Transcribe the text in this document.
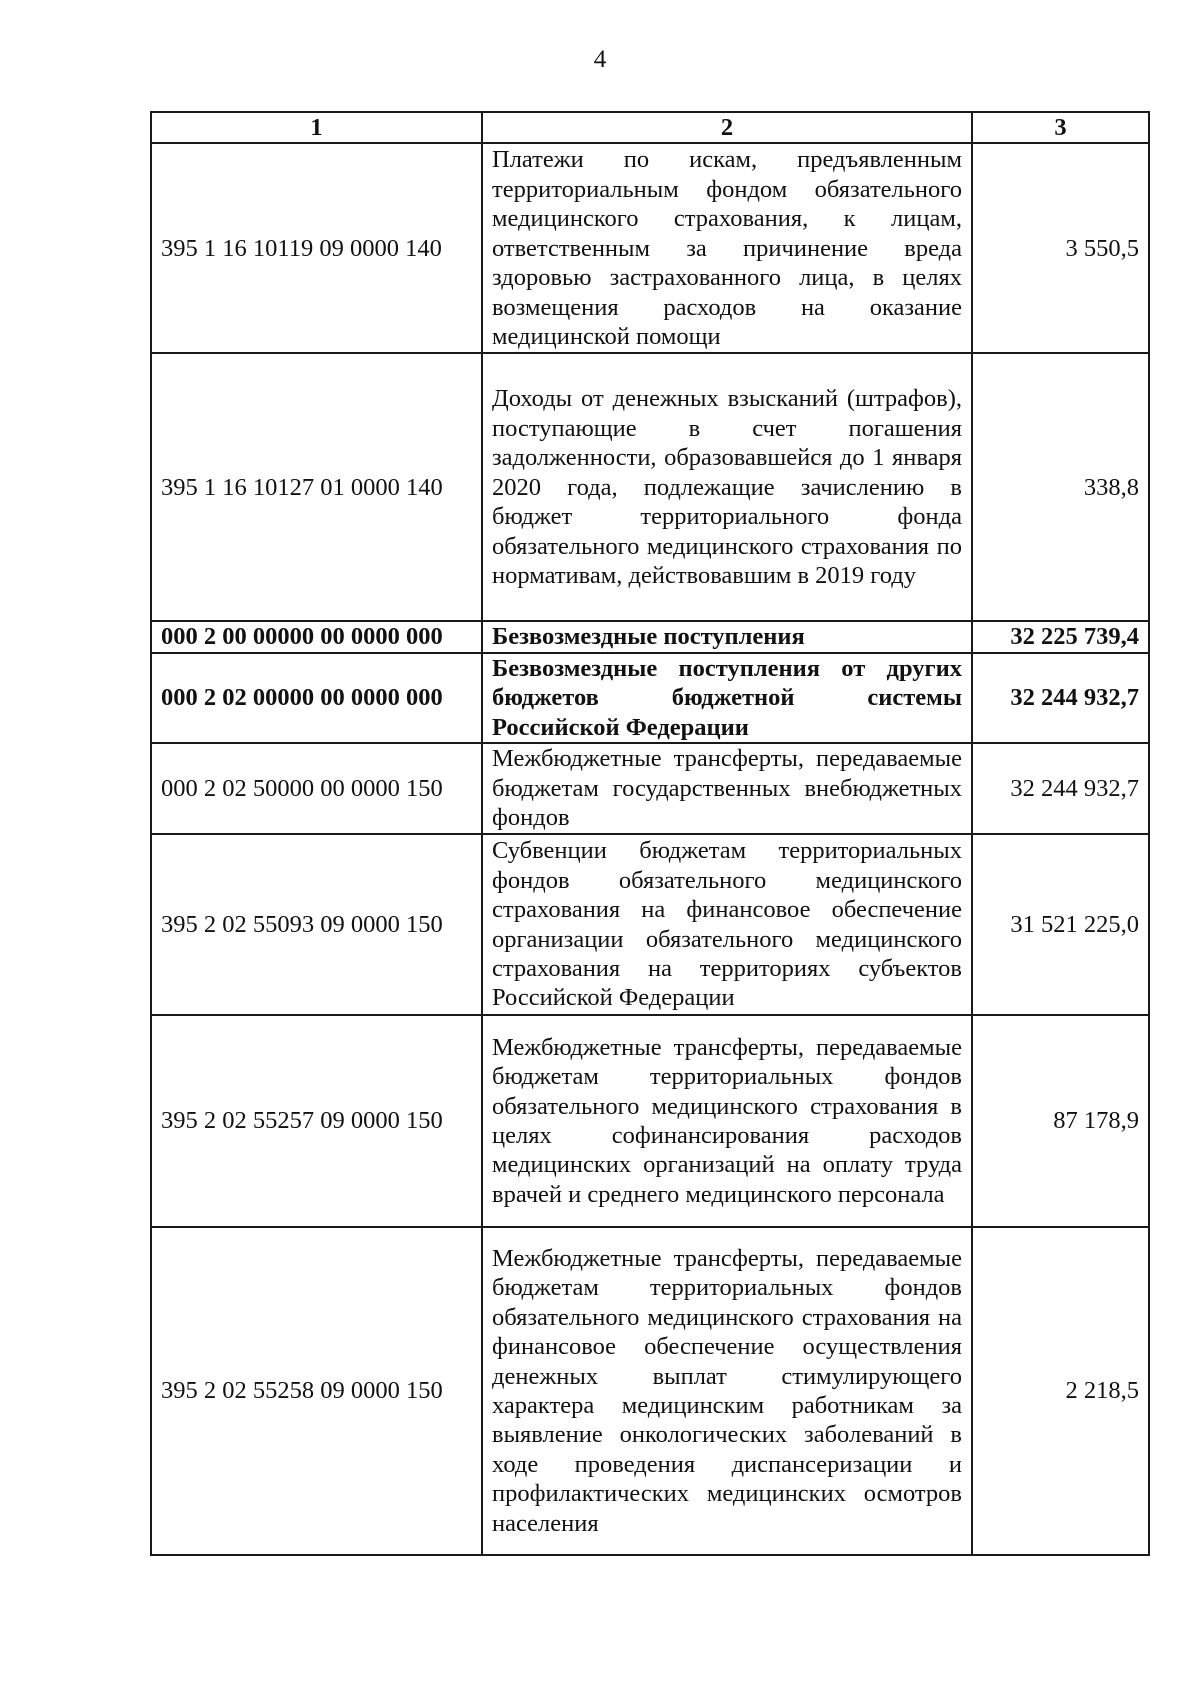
4
1	2	3
395 1 16 10119 09 0000 140	Платежи по искам, предъявленным территориальным фондом обязательного медицинского страхования, к лицам, ответственным за причинение вреда здоровью застрахованного лица, в целях возмещения расходов на оказание медицинской помощи	3 550,5
395 1 16 10127 01 0000 140	Доходы от денежных взысканий (штрафов), поступающие в счет погашения задолженности, образовавшейся до 1 января 2020 года, подлежащие зачислению в бюджет территориального фонда обязательного медицинского страхования по нормативам, действовавшим в 2019 году	338,8
000 2 00 00000 00 0000 000	Безвозмездные поступления	32 225 739,4
000 2 02 00000 00 0000 000	Безвозмездные поступления от других бюджетов бюджетной системы Российской Федерации	32 244 932,7
000 2 02 50000 00 0000 150	Межбюджетные трансферты, передаваемые бюджетам государственных внебюджетных фондов	32 244 932,7
395 2 02 55093 09 0000 150	Субвенции бюджетам территориальных фондов обязательного медицинского страхования на финансовое обеспечение организации обязательного медицинского страхования на территориях субъектов Российской Федерации	31 521 225,0
395 2 02 55257 09 0000 150	Межбюджетные трансферты, передаваемые бюджетам территориальных фондов обязательного медицинского страхования в целях софинансирования расходов медицинских организаций на оплату труда врачей и среднего медицинского персонала	87 178,9
395 2 02 55258 09 0000 150	Межбюджетные трансферты, передаваемые бюджетам территориальных фондов обязательного медицинского страхования на финансовое обеспечение осуществления денежных выплат стимулирующего характера медицинским работникам за выявление онкологических заболеваний в ходе проведения диспансеризации и профилактических медицинских осмотров населения	2 218,5
